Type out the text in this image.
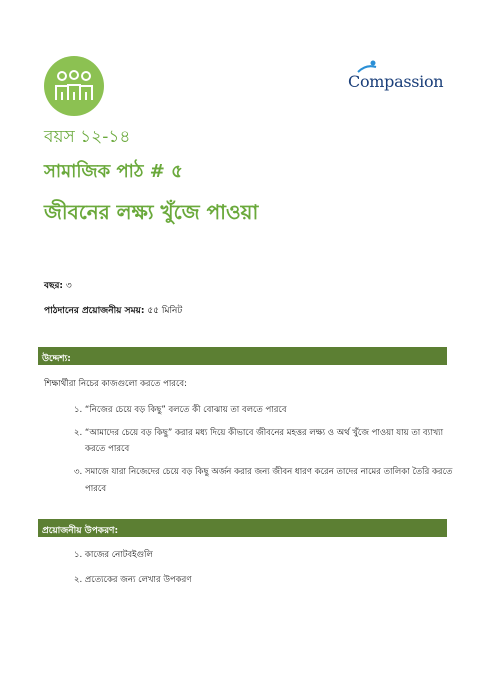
Compassion
বয়স ১২-১৪
সামাজিক পাঠ # ৫
জীবনের লক্ষ্য খুঁজে পাওয়া
বছর: ৩
পাঠদানের প্রয়োজনীয় সময়: ৫৫ মিনিট
উদ্দেশ্য:
শিক্ষার্থীরা নিচের কাজগুলো করতে পারবে:
১. “নিজের চেয়ে বড় কিছু” বলতে কী বোঝায় তা বলতে পারবে
২. “আমাদের চেয়ে বড় কিছু” করার মধ্য দিয়ে কীভাবে জীবনের মহত্তর লক্ষ্য ও অর্থ খুঁজে পাওয়া যায় তা ব্যাখ্যা
করতে পারবে
৩. সমাজে যারা নিজেদের চেয়ে বড় কিছু অর্জন করার জন্য জীবন ধারণ করেন তাদের নামের তালিকা তৈরি করতে
পারবে
প্রয়োজনীয় উপকরণ:
১. কাজের নোটবইগুলি
২. প্রত্যেকের জন্য লেখার উপকরণ
